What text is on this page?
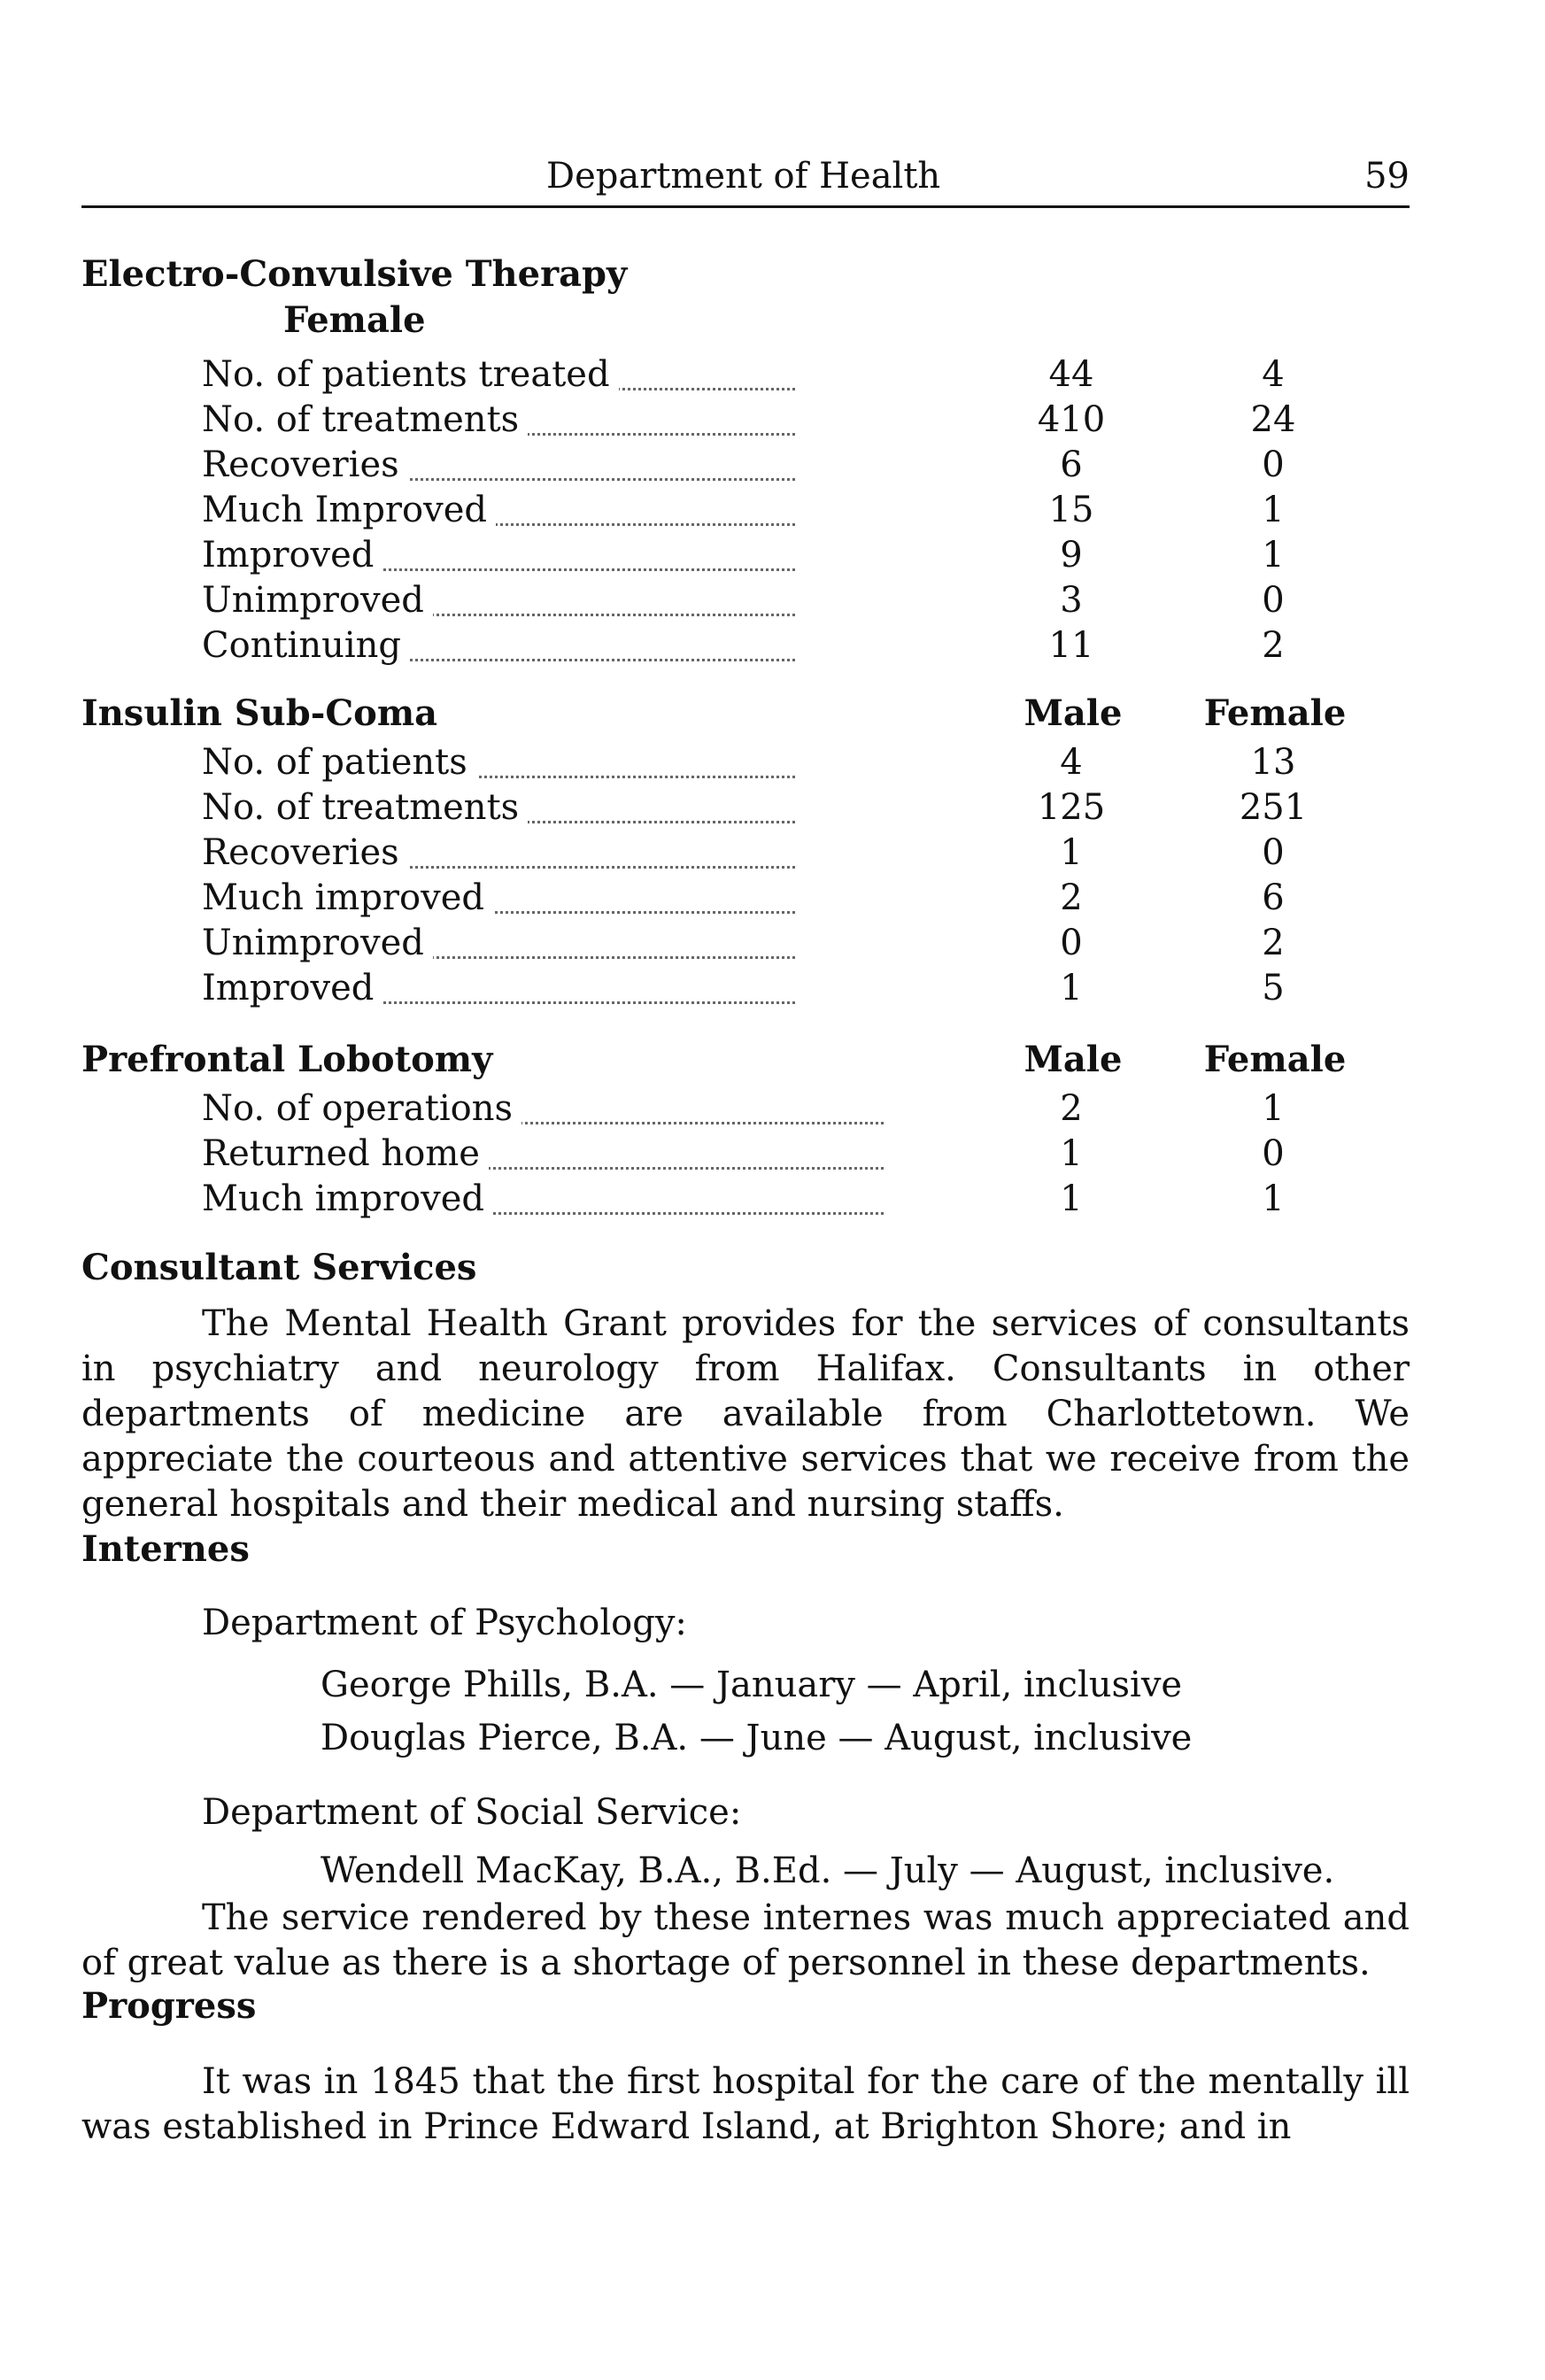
Department of Health	59
Electro-Convulsive Therapy
Female
No. of patients treated	44	4
No. of treatments	410	24
Recoveries	6	0
Much Improved	15	1
Improved	9	1
Unimproved	3	0
Continuing	11	2
Insulin Sub-Coma	Male	Female
No. of patients	4	13
No. of treatments	125	251
Recoveries	1	0
Much improved	2	6
Unimproved	0	2
Improved	1	5
Prefrontal Lobotomy	Male	Female
No. of operations	2	1
Returned home	1	0
Much improved	1	1
Consultant Services
The Mental Health Grant provides for the services of consultants in psychiatry and neurology from Halifax. Consultants in other departments of medicine are available from Charlottetown. We appreciate the courteous and attentive services that we receive from the general hospitals and their medical and nursing staffs.
Internes
Department of Psychology:
George Phills, B.A. — January — April, inclusive
Douglas Pierce, B.A. — June — August, inclusive
Department of Social Service:
Wendell MacKay, B.A., B.Ed. — July — August, inclusive.
The service rendered by these internes was much appreciated and of great value as there is a shortage of personnel in these departments.
Progress
It was in 1845 that the first hospital for the care of the mentally ill was established in Prince Edward Island, at Brighton Shore; and in
